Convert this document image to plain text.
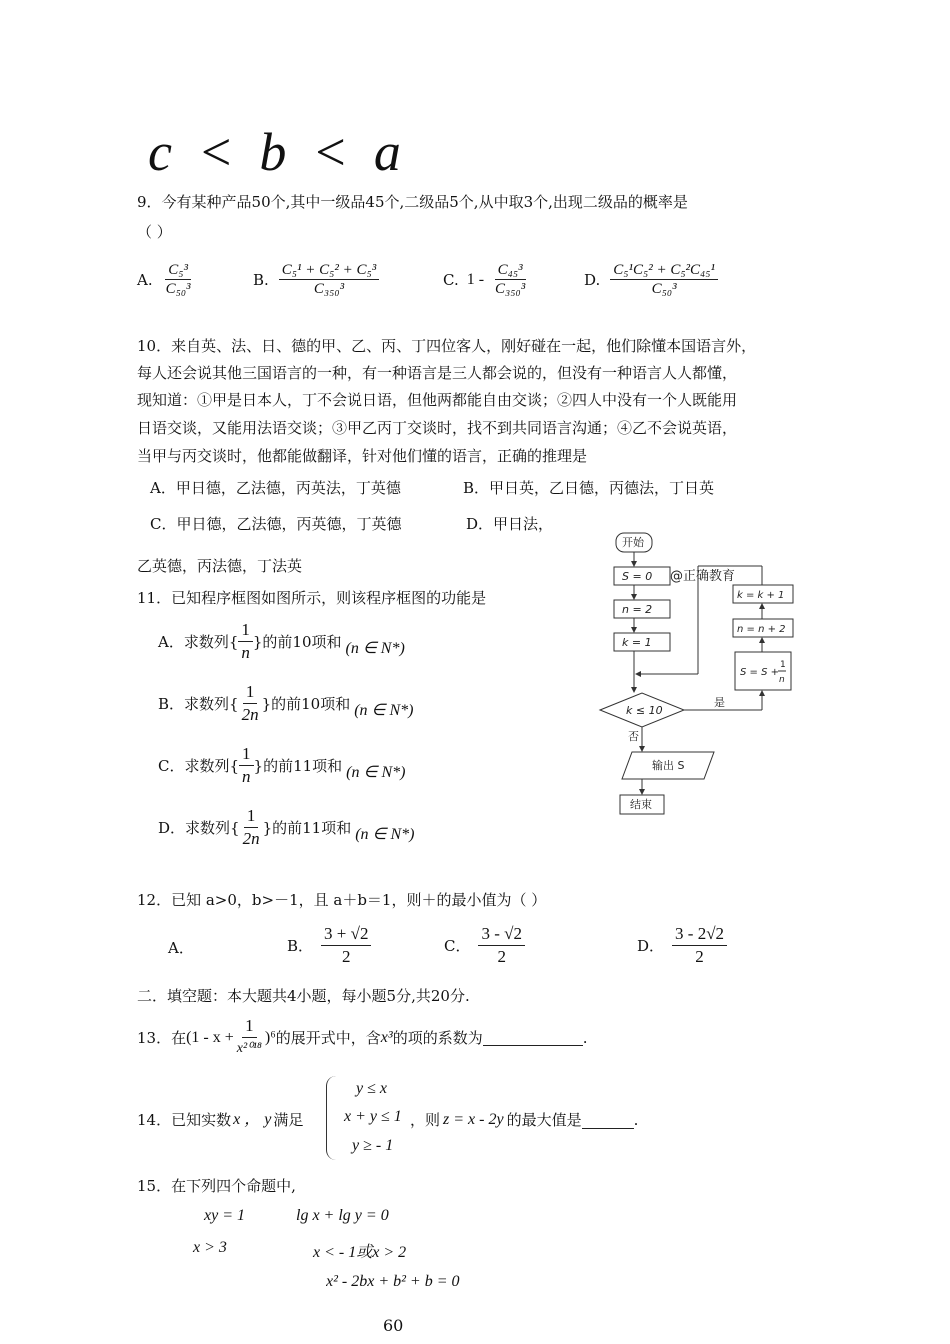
c < b < a
9．今有某种产品50个,其中一级品45个,二级品5个,从中取3个,出现二级品的概率是
（ ）
A. $\frac{\text{C₅³}}{\text{C₅₀³}}$	B. $\frac{\text{C₅¹ + C₅² + C₅³}}{\text{C₃₅₀³}}$	C. $1 - \frac{\text{C₄₅³}}{\text{C₃₅₀³}}$	D. $\frac{\text{C₅¹C₅² + C₅²C₄₅¹}}{\text{C₅₀³}}$
10．来自英、法、日、德的甲、乙、丙、丁四位客人，刚好碰在一起，他们除懂本国语言外，
每人还会说其他三国语言的一种，有一种语言是三人都会说的，但没有一种语言人人都懂，
现知道：①甲是日本人，丁不会说日语，但他两都能自由交谈；②四人中没有一个人既能用
日语交谈，又能用法语交谈；③甲乙丙丁交谈时，找不到共同语言沟通；④乙不会说英语，
当甲与丙交谈时，他都能做翻译，针对他们懂的语言，正确的推理是
A．甲日德，乙法德，丙英法，丁英德	B．甲日英，乙日德，丙德法，丁日英
C．甲日德，乙法德，丙英德，丁英德	D．甲日法，
乙英德，丙法德，丁法英
11．已知程序框图如图所示，则该程序框图的功能是
A．求数列{ $\frac{1}{n}$ }的前10项和 (n ∈ N*)
B．求数列{ $\frac{1}{2n}$ }的前10项和 (n ∈ N*)
C．求数列{ $\frac{1}{n}$ }的前11项和 (n ∈ N*)
D．求数列{ $\frac{1}{2n}$ }的前11项和 (n ∈ N*)
开始
S = 0 @正确教育
n = 2
k = 1
k ≤ 10
是
S = S +
1
n
n = n + 2
k = k + 1
否
输出 S
结束
12．已知 a>0，b>－1，且 a＋b＝1，则＋的最小值为（ ）
A．	B． $\frac{3 + √2}{2}$	C． $\frac{3 - √2}{2}$	D． $\frac{3 - 2√2}{2}$
二．填空题：本大题共4小题，每小题5分,共20分.
13．在 $(1 - x + \frac{1}{\text{x²⁰¹⁸}} )^6$ 的展开式中，含 x³ 的项的系数为	.
14．已知实数 x ， y 满足
y ≤ x
x + y ≤ 1
y ≥ - 1
，则 z = x - 2y 的最大值是	.
15．在下列四个命题中,
xy = 1	lg x + lg y = 0
x > 3	x < - 1或x > 2
x² - 2bx + b² + b = 0
60
